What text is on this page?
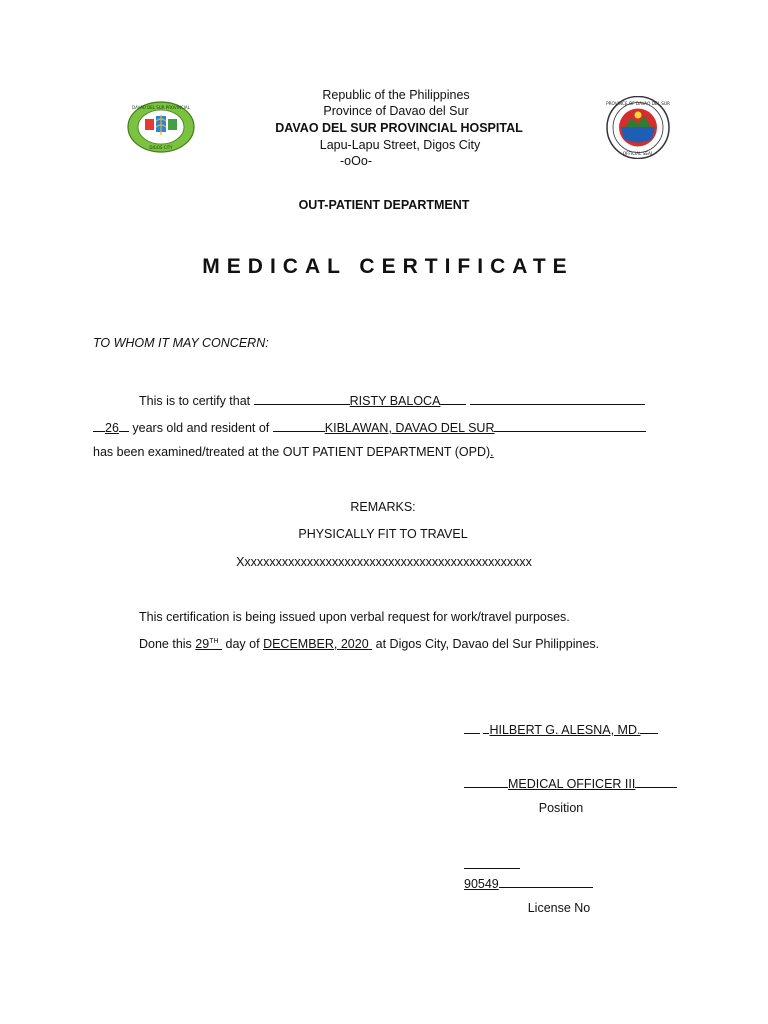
DAVAO DEL SUR PROVINCIAL
DIGOS CITY
PROVINCE OF DAVAO DEL SUR
OFFICIAL SEAL
Republic of the Philippines
Province of Davao del Sur
DAVAO DEL SUR PROVINCIAL HOSPITAL
Lapu-Lapu Street, Digos City
-oOo-
OUT-PATIENT DEPARTMENT
MEDICAL CERTIFICATE
TO WHOM IT MAY CONCERN:
This is to certify that	RISTY BALOCA
26 years old and resident of	KIBLAWAN, DAVAO DEL SUR
has been examined/treated at the OUT PATIENT DEPARTMENT (OPD).
REMARKS:
PHYSICALLY FIT TO TRAVEL
Xxxxxxxxxxxxxxxxxxxxxxxxxxxxxxxxxxxxxxxxxxxxxxx
This certification is being issued upon verbal request for work/travel purposes.
Done this 29TH day of DECEMBER, 2020 at Digos City, Davao del Sur Philippines.
HILBERT G. ALESNA, MD.
MEDICAL OFFICER III
Position
90549
License No
